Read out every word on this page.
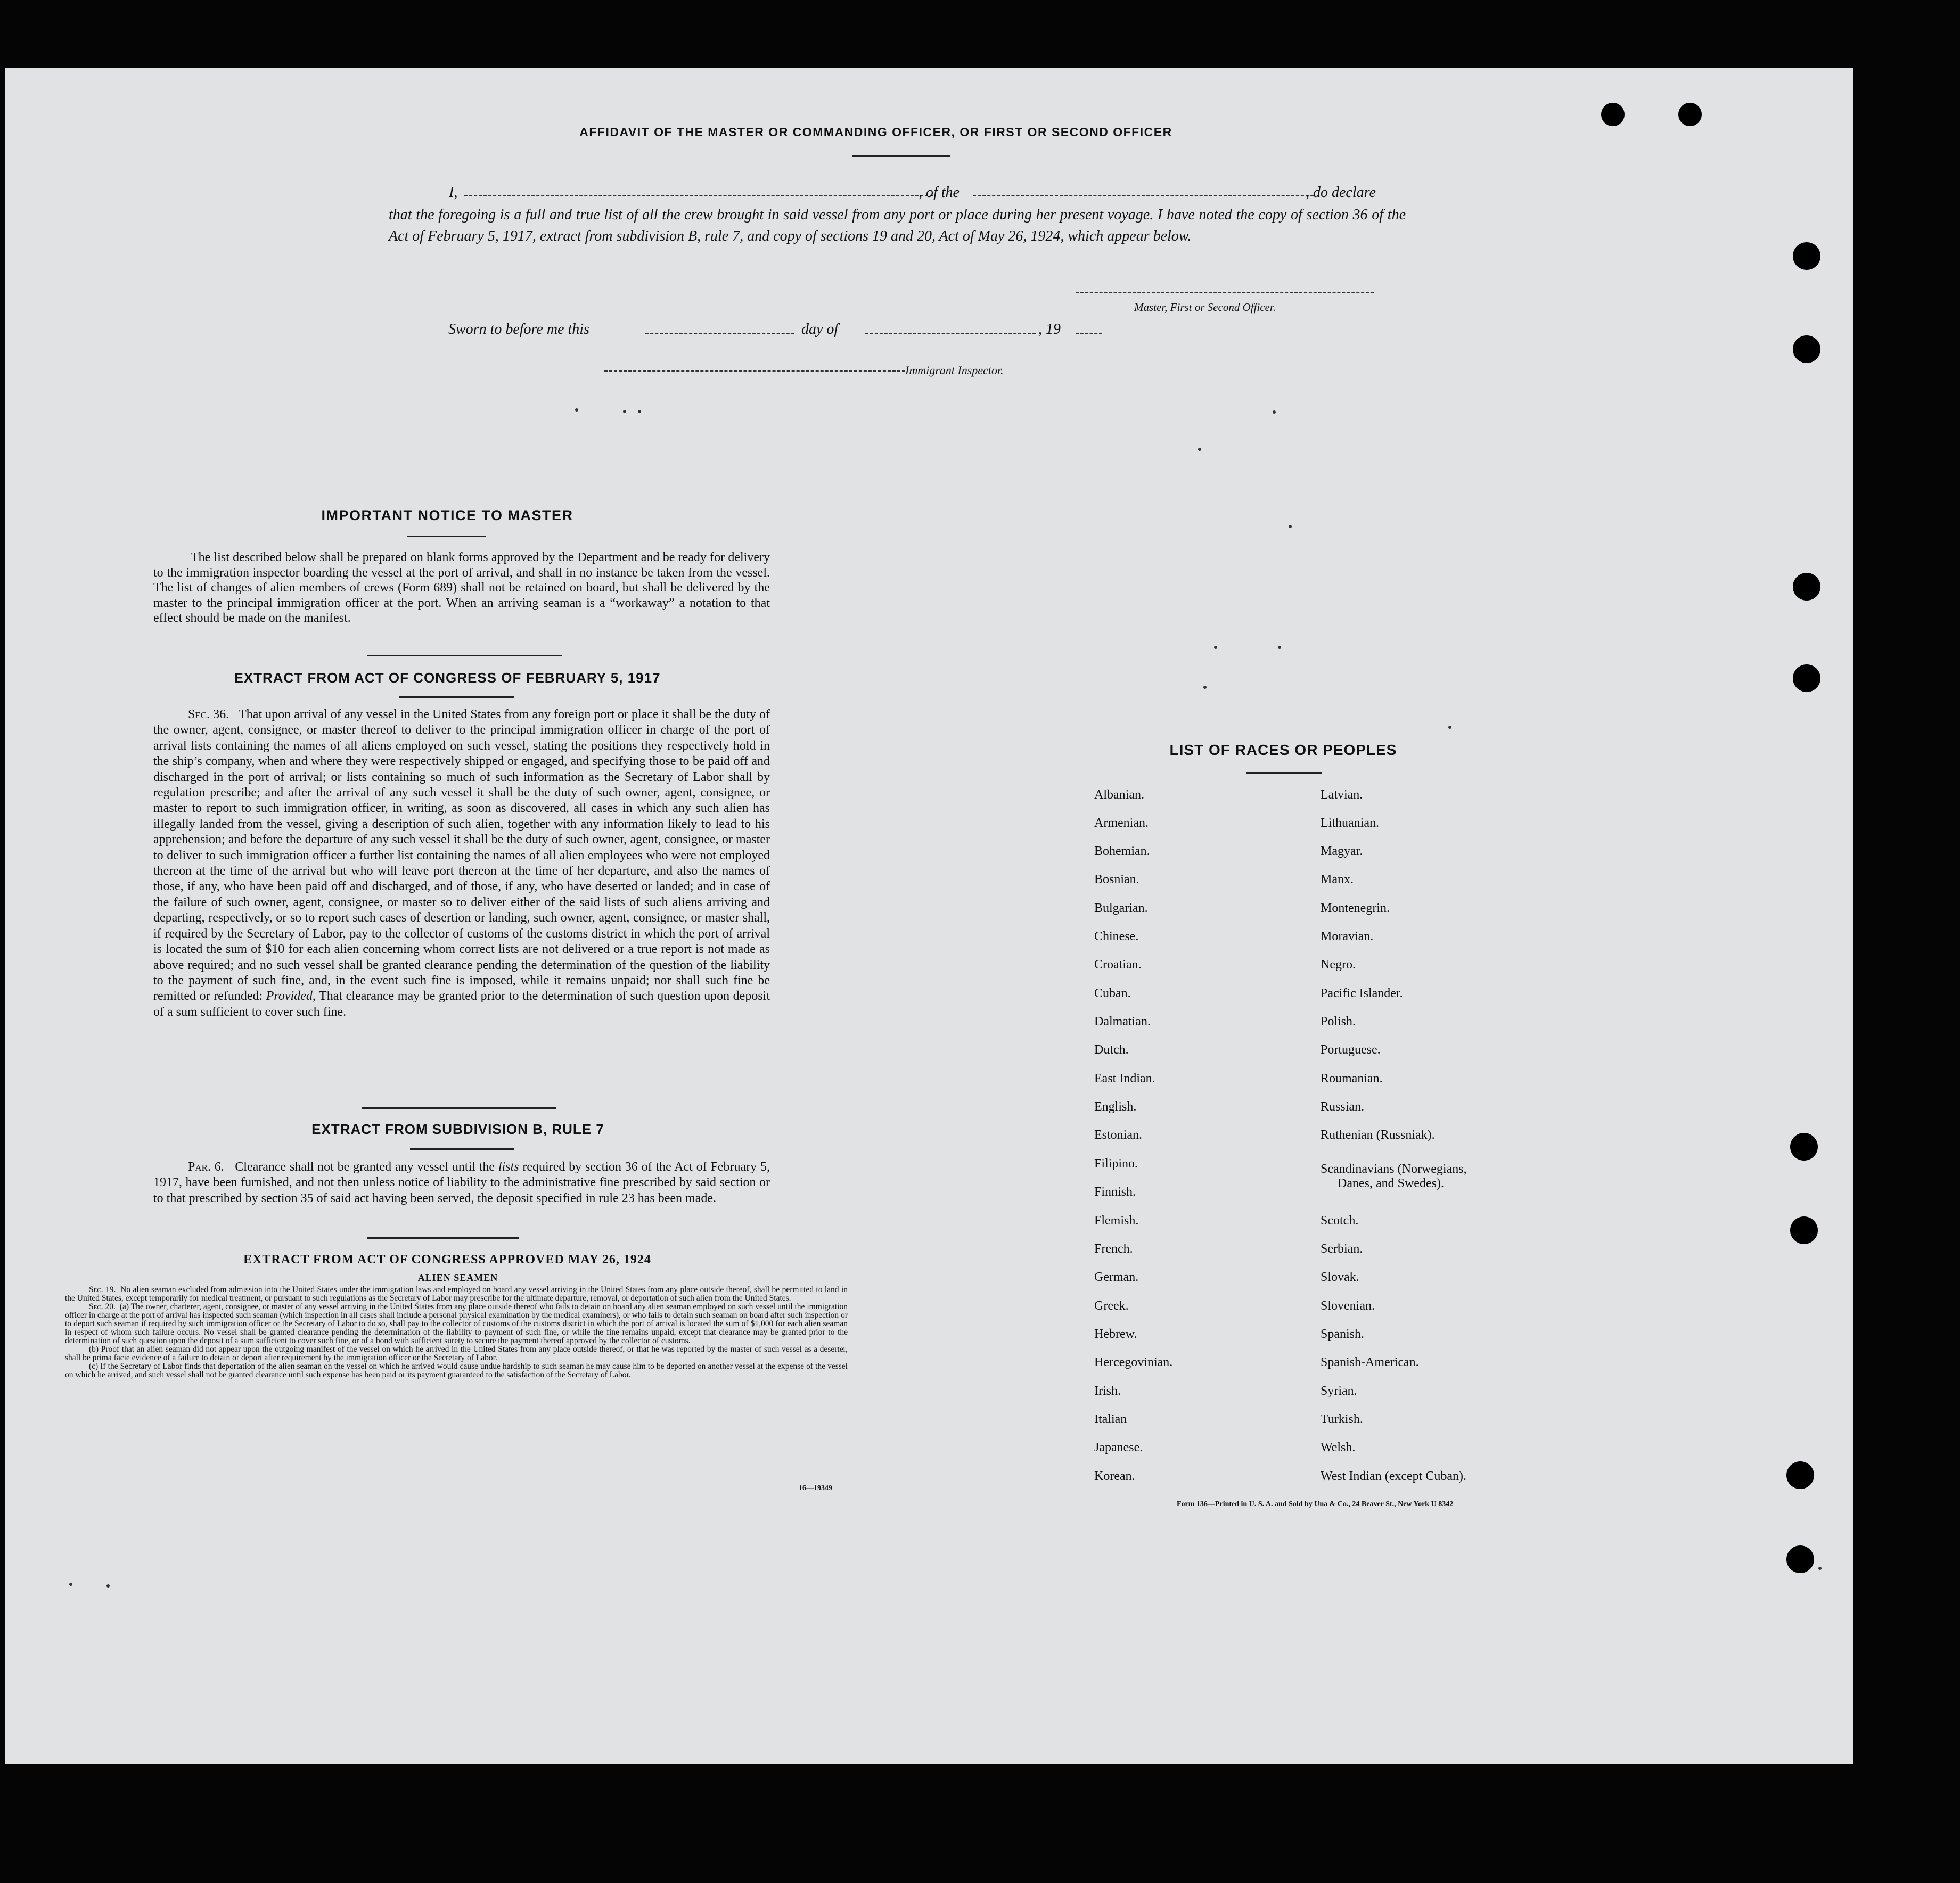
AFFIDAVIT OF THE MASTER OR COMMANDING OFFICER, OR FIRST OR SECOND OFFICER
I,	, of the	, do declare
that the foregoing is a full and true list of all the crew brought in said vessel from any port or place during her present voyage. I have noted the copy of section 36 of the Act of February 5, 1917, extract from subdivision B, rule 7, and copy of sections 19 and 20, Act of May 26, 1924, which appear below.
Master, First or Second Officer.
Sworn to before me this	day of	, 19
Immigrant Inspector.
IMPORTANT NOTICE TO MASTER
The list described below shall be prepared on blank forms approved by the Department and be ready for delivery to the immigration inspector boarding the vessel at the port of arrival, and shall in no instance be taken from the vessel. The list of changes of alien members of crews (Form 689) shall not be retained on board, but shall be delivered by the master to the principal immigration officer at the port. When an arriving seaman is a “workaway” a notation to that effect should be made on the manifest.
EXTRACT FROM ACT OF CONGRESS OF FEBRUARY 5, 1917
Sec. 36. That upon arrival of any vessel in the United States from any foreign port or place it shall be the duty of the owner, agent, consignee, or master thereof to deliver to the principal immigration officer in charge of the port of arrival lists containing the names of all aliens employed on such vessel, stating the positions they respectively hold in the ship’s company, when and where they were respectively shipped or engaged, and specifying those to be paid off and discharged in the port of arrival; or lists containing so much of such information as the Secretary of Labor shall by regulation prescribe; and after the arrival of any such vessel it shall be the duty of such owner, agent, consignee, or master to report to such immigration officer, in writing, as soon as discovered, all cases in which any such alien has illegally landed from the vessel, giving a description of such alien, together with any information likely to lead to his apprehension; and before the departure of any such vessel it shall be the duty of such owner, agent, consignee, or master to deliver to such immigration officer a further list containing the names of all alien employees who were not employed thereon at the time of the arrival but who will leave port thereon at the time of her departure, and also the names of those, if any, who have been paid off and discharged, and of those, if any, who have deserted or landed; and in case of the failure of such owner, agent, consignee, or master so to deliver either of the said lists of such aliens arriving and departing, respectively, or so to report such cases of desertion or landing, such owner, agent, consignee, or master shall, if required by the Secretary of Labor, pay to the collector of customs of the customs district in which the port of arrival is located the sum of $10 for each alien concerning whom correct lists are not delivered or a true report is not made as above required; and no such vessel shall be granted clearance pending the determination of the question of the liability to the payment of such fine, and, in the event such fine is imposed, while it remains unpaid; nor shall such fine be remitted or refunded: Provided, That clearance may be granted prior to the determination of such question upon deposit of a sum sufficient to cover such fine.
EXTRACT FROM SUBDIVISION B, RULE 7
Par. 6. Clearance shall not be granted any vessel until the lists required by section 36 of the Act of February 5, 1917, have been furnished, and not then unless notice of liability to the administrative fine prescribed by said section or to that prescribed by section 35 of said act having been served, the deposit specified in rule 23 has been made.
EXTRACT FROM ACT OF CONGRESS APPROVED MAY 26, 1924
ALIEN SEAMEN
Sec. 19. No alien seaman excluded from admission into the United States under the immigration laws and employed on board any vessel arriving in the United States from any place outside thereof, shall be permitted to land in the United States, except temporarily for medical treatment, or pursuant to such regulations as the Secretary of Labor may prescribe for the ultimate departure, removal, or deportation of such alien from the United States.
Sec. 20. (a) The owner, charterer, agent, consignee, or master of any vessel arriving in the United States from any place outside thereof who fails to detain on board any alien seaman employed on such vessel until the immigration officer in charge at the port of arrival has inspected such seaman (which inspection in all cases shall include a personal physical examination by the medical examiners), or who fails to detain such seaman on board after such inspection or to deport such seaman if required by such immigration officer or the Secretary of Labor to do so, shall pay to the collector of customs of the customs district in which the port of arrival is located the sum of $1,000 for each alien seaman in respect of whom such failure occurs. No vessel shall be granted clearance pending the determination of the liability to payment of such fine, or while the fine remains unpaid, except that clearance may be granted prior to the determination of such question upon the deposit of a sum sufficient to cover such fine, or of a bond with sufficient surety to secure the payment thereof approved by the collector of customs.
(b) Proof that an alien seaman did not appear upon the outgoing manifest of the vessel on which he arrived in the United States from any place outside thereof, or that he was reported by the master of such vessel as a deserter, shall be prima facie evidence of a failure to detain or deport after requirement by the immigration officer or the Secretary of Labor.
(c) If the Secretary of Labor finds that deportation of the alien seaman on the vessel on which he arrived would cause undue hardship to such seaman he may cause him to be deported on another vessel at the expense of the vessel on which he arrived, and such vessel shall not be granted clearance until such expense has been paid or its payment guaranteed to the satisfaction of the Secretary of Labor.
16—19349
LIST OF RACES OR PEOPLES
Albanian.
Armenian.
Bohemian.
Bosnian.
Bulgarian.
Chinese.
Croatian.
Cuban.
Dalmatian.
Dutch.
East Indian.
English.
Estonian.
Filipino.
Finnish.
Flemish.
French.
German.
Greek.
Hebrew.
Hercegovinian.
Irish.
Italian
Japanese.
Korean.
Latvian.
Lithuanian.
Magyar.
Manx.
Montenegrin.
Moravian.
Negro.
Pacific Islander.
Polish.
Portuguese.
Roumanian.
Russian.
Ruthenian (Russniak).
Scandinavians (Norwegians,
Danes, and Swedes).
Scotch.
Serbian.
Slovak.
Slovenian.
Spanish.
Spanish-American.
Syrian.
Turkish.
Welsh.
West Indian (except Cuban).
Form 136—Printed in U. S. A. and Sold by Una & Co., 24 Beaver St., New York U 8342
